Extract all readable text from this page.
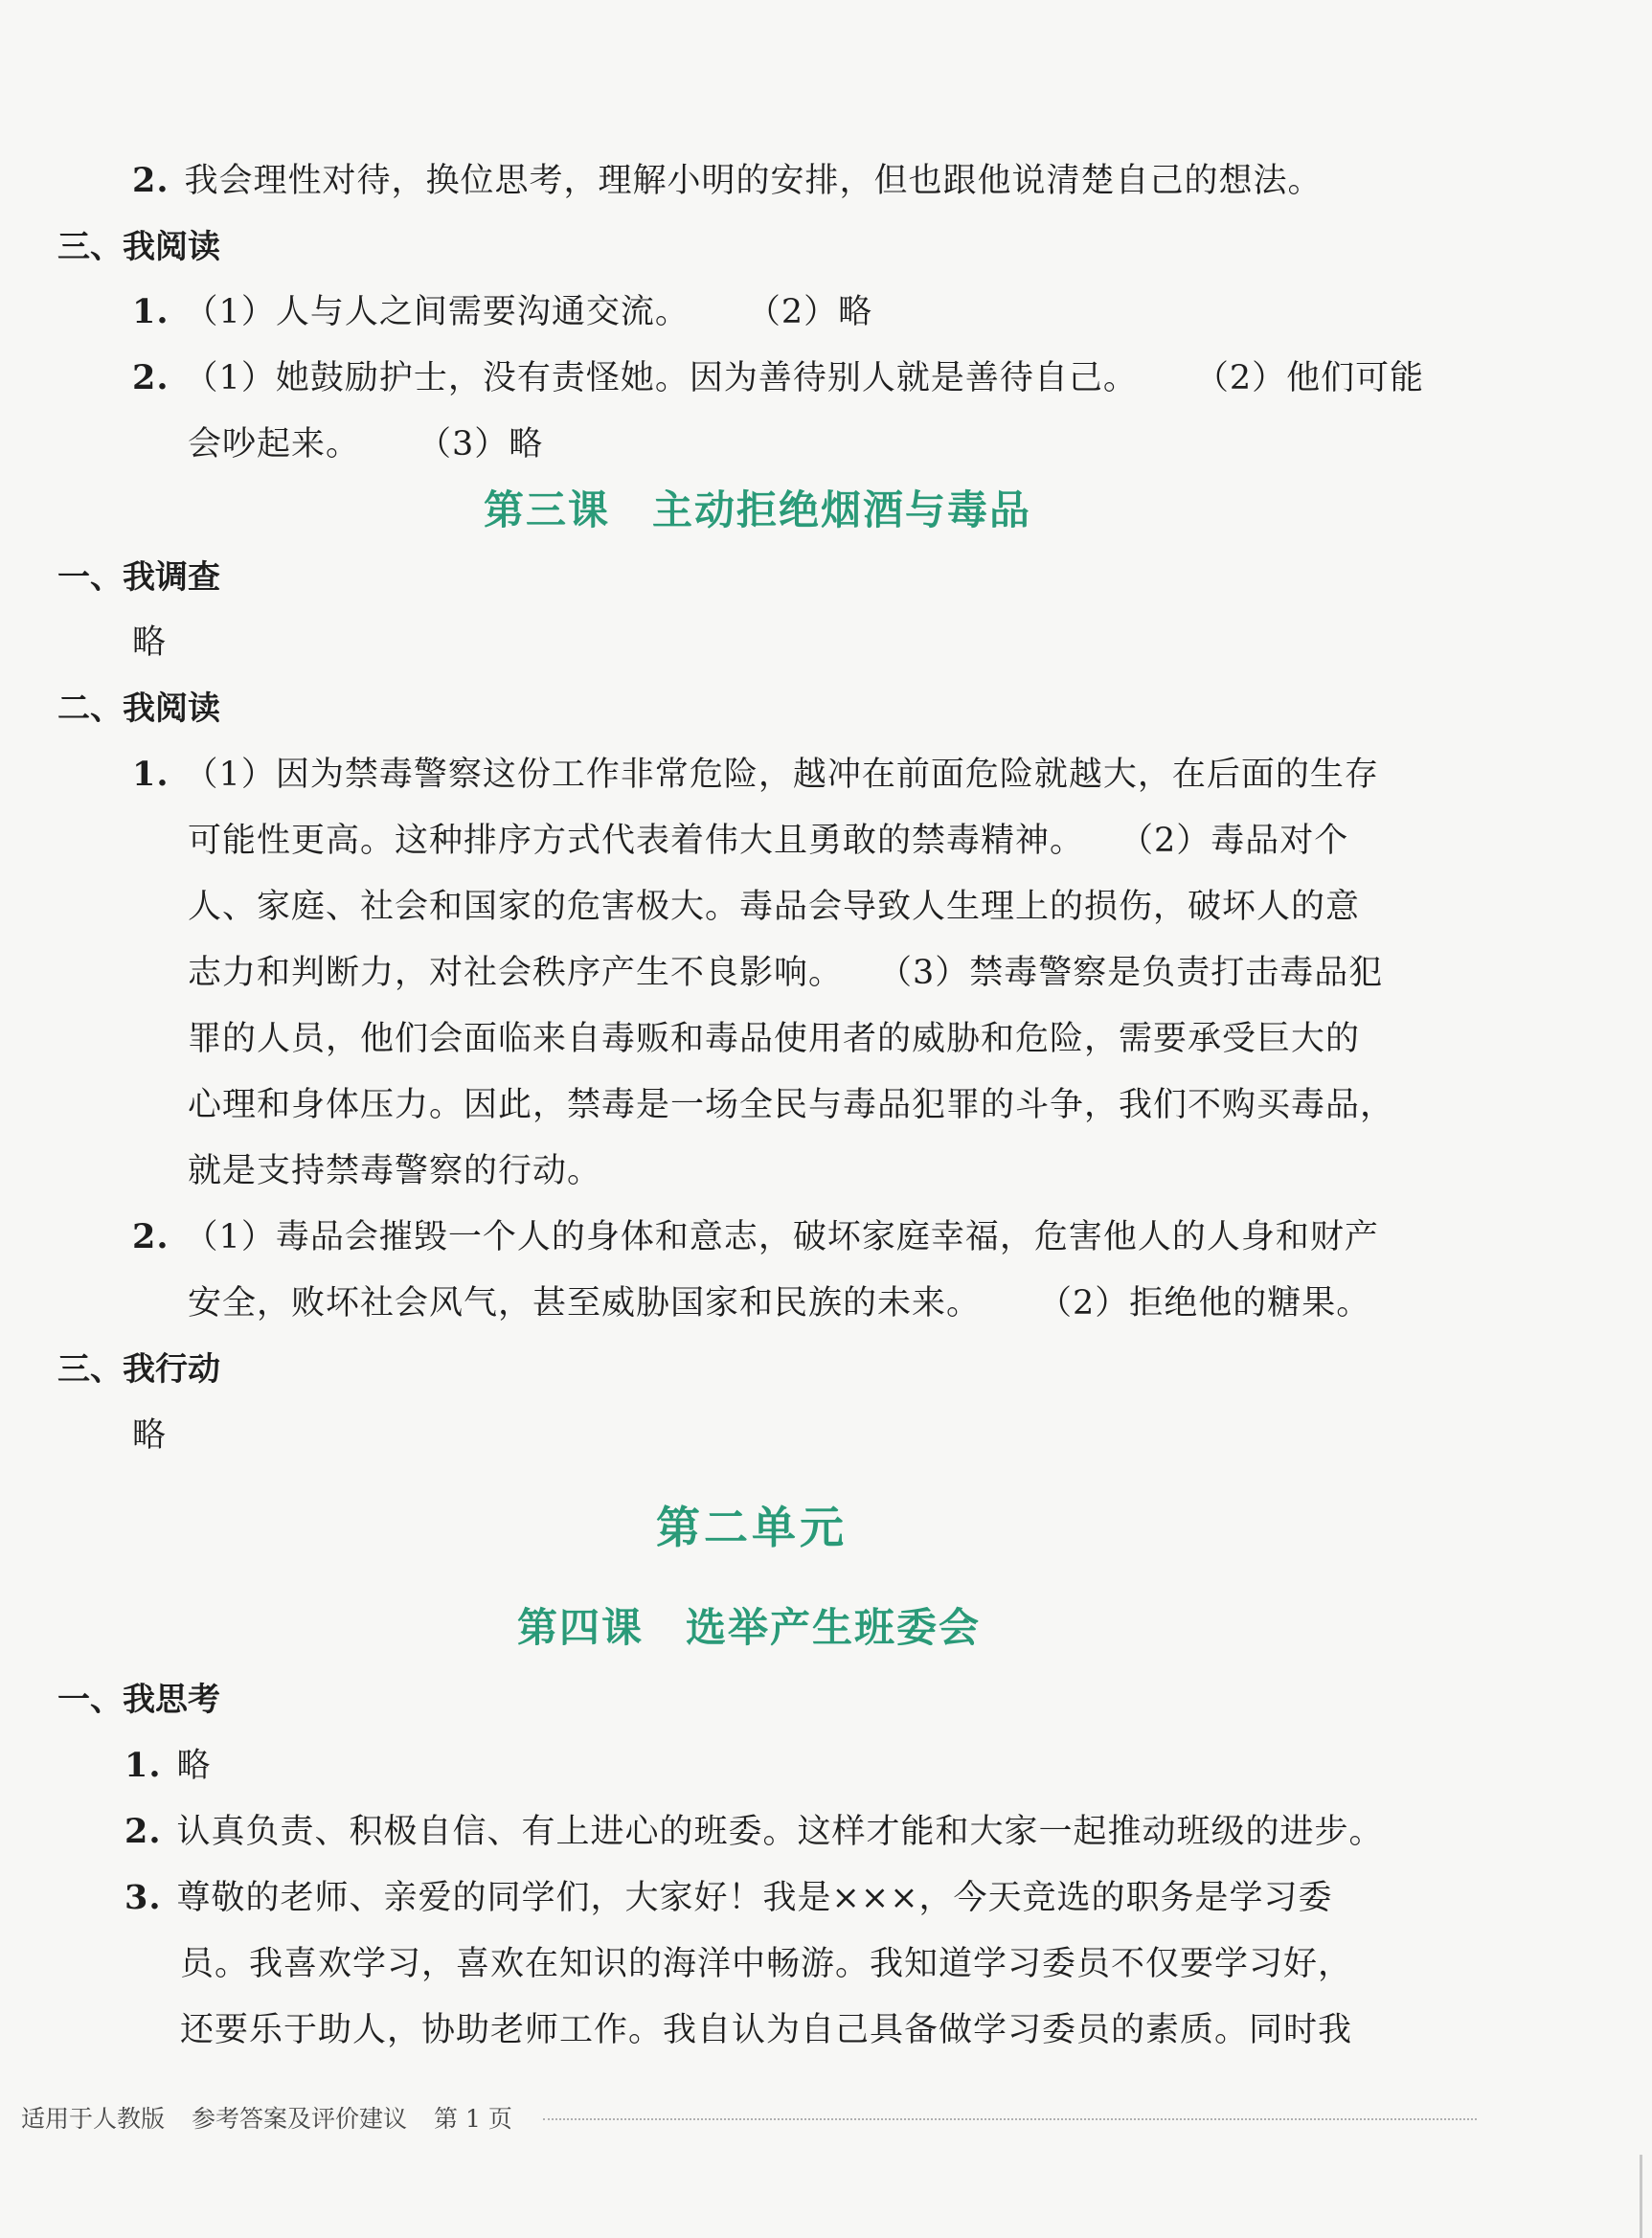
2. 我会理性对待，换位思考，理解小明的安排，但也跟他说清楚自己的想法。
三、我阅读
1. （1）人与人之间需要沟通交流。 （2）略
2. （1）她鼓励护士，没有责怪她。因为善待别人就是善待自己。 （2）他们可能
会吵起来。 （3）略
第三课　主动拒绝烟酒与毒品
一、我调查
略
二、我阅读
1. （1）因为禁毒警察这份工作非常危险，越冲在前面危险就越大，在后面的生存
可能性更高。这种排序方式代表着伟大且勇敢的禁毒精神。　　（2）毒品对个
人、家庭、社会和国家的危害极大。毒品会导致人生理上的损伤，破坏人的意
志力和判断力，对社会秩序产生不良影响。　　（3）禁毒警察是负责打击毒品犯
罪的人员，他们会面临来自毒贩和毒品使用者的威胁和危险，需要承受巨大的
心理和身体压力。因此，禁毒是一场全民与毒品犯罪的斗争，我们不购买毒品，
就是支持禁毒警察的行动。
2. （1）毒品会摧毁一个人的身体和意志，破坏家庭幸福，危害他人的人身和财产
安全，败坏社会风气，甚至威胁国家和民族的未来。 （2）拒绝他的糖果。
三、我行动
略
第二单元
第四课　选举产生班委会
一、我思考
1. 略
2. 认真负责、积极自信、有上进心的班委。这样才能和大家一起推动班级的进步。
3. 尊敬的老师、亲爱的同学们，大家好！我是×××，今天竞选的职务是学习委
员。我喜欢学习，喜欢在知识的海洋中畅游。我知道学习委员不仅要学习好，
还要乐于助人，协助老师工作。我自认为自己具备做学习委员的素质。同时我
适用于人教版 参考答案及评价建议 第 1 页
